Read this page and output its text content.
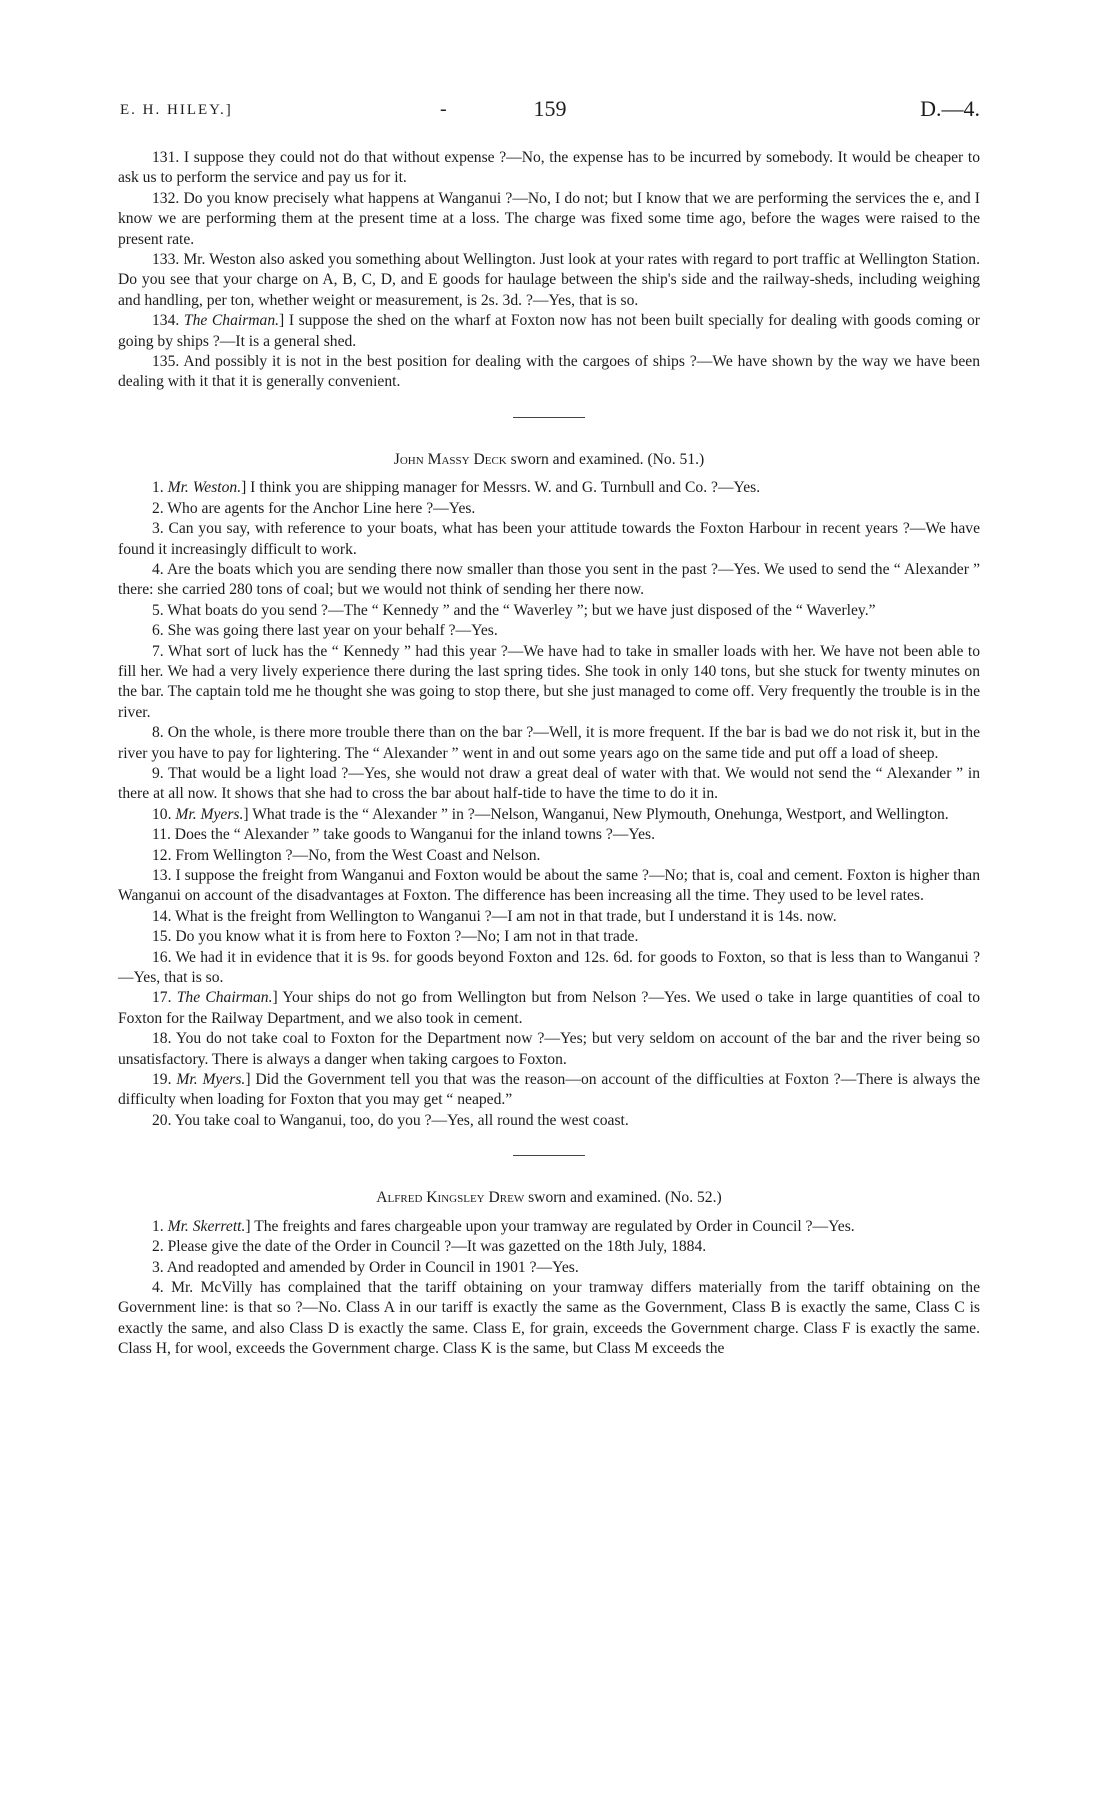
E. H. HILEY.]	-	159	D.—4.

131. I suppose they could not do that without expense ?—No, the expense has to be incurred by somebody. It would be cheaper to ask us to perform the service and pay us for it.

132. Do you know precisely what happens at Wanganui ?—No, I do not; but I know that we are performing the services the e, and I know we are performing them at the present time at a loss. The charge was fixed some time ago, before the wages were raised to the present rate.

133. Mr. Weston also asked you something about Wellington. Just look at your rates with regard to port traffic at Wellington Station. Do you see that your charge on A, B, C, D, and E goods for haulage between the ship's side and the railway-sheds, including weighing and handling, per ton, whether weight or measurement, is 2s. 3d. ?—Yes, that is so.

134. The Chairman.] I suppose the shed on the wharf at Foxton now has not been built specially for dealing with goods coming or going by ships ?—It is a general shed.

135. And possibly it is not in the best position for dealing with the cargoes of ships ?—We have shown by the way we have been dealing with it that it is generally convenient.

John Massy Deck sworn and examined. (No. 51.)

1. Mr. Weston.] I think you are shipping manager for Messrs. W. and G. Turnbull and Co. ?—Yes.

2. Who are agents for the Anchor Line here ?—Yes.

3. Can you say, with reference to your boats, what has been your attitude towards the Foxton Harbour in recent years ?—We have found it increasingly difficult to work.

4. Are the boats which you are sending there now smaller than those you sent in the past ?—Yes. We used to send the “ Alexander ” there: she carried 280 tons of coal; but we would not think of sending her there now.

5. What boats do you send ?—The “ Kennedy ” and the “ Waverley ”; but we have just disposed of the “ Waverley.”

6. She was going there last year on your behalf ?—Yes.

7. What sort of luck has the “ Kennedy ” had this year ?—We have had to take in smaller loads with her. We have not been able to fill her. We had a very lively experience there during the last spring tides. She took in only 140 tons, but she stuck for twenty minutes on the bar. The captain told me he thought she was going to stop there, but she just managed to come off. Very frequently the trouble is in the river.

8. On the whole, is there more trouble there than on the bar ?—Well, it is more frequent. If the bar is bad we do not risk it, but in the river you have to pay for lightering. The “ Alexander ” went in and out some years ago on the same tide and put off a load of sheep.

9. That would be a light load ?—Yes, she would not draw a great deal of water with that. We would not send the “ Alexander ” in there at all now. It shows that she had to cross the bar about half-tide to have the time to do it in.

10. Mr. Myers.] What trade is the “ Alexander ” in ?—Nelson, Wanganui, New Plymouth, Onehunga, Westport, and Wellington.

11. Does the “ Alexander ” take goods to Wanganui for the inland towns ?—Yes.

12. From Wellington ?—No, from the West Coast and Nelson.

13. I suppose the freight from Wanganui and Foxton would be about the same ?—No; that is, coal and cement. Foxton is higher than Wanganui on account of the disadvantages at Foxton. The difference has been increasing all the time. They used to be level rates.

14. What is the freight from Wellington to Wanganui ?—I am not in that trade, but I understand it is 14s. now.

15. Do you know what it is from here to Foxton ?—No; I am not in that trade.

16. We had it in evidence that it is 9s. for goods beyond Foxton and 12s. 6d. for goods to Foxton, so that is less than to Wanganui ?—Yes, that is so.

17. The Chairman.] Your ships do not go from Wellington but from Nelson ?—Yes. We used o take in large quantities of coal to Foxton for the Railway Department, and we also took in cement.

18. You do not take coal to Foxton for the Department now ?—Yes; but very seldom on account of the bar and the river being so unsatisfactory. There is always a danger when taking cargoes to Foxton.

19. Mr. Myers.] Did the Government tell you that was the reason—on account of the difficulties at Foxton ?—There is always the difficulty when loading for Foxton that you may get “ neaped.”

20. You take coal to Wanganui, too, do you ?—Yes, all round the west coast.

Alfred Kingsley Drew sworn and examined. (No. 52.)

1. Mr. Skerrett.] The freights and fares chargeable upon your tramway are regulated by Order in Council ?—Yes.

2. Please give the date of the Order in Council ?—It was gazetted on the 18th July, 1884.

3. And readopted and amended by Order in Council in 1901 ?—Yes.

4. Mr. McVilly has complained that the tariff obtaining on your tramway differs materially from the tariff obtaining on the Government line: is that so ?—No. Class A in our tariff is exactly the same as the Government, Class B is exactly the same, Class C is exactly the same, and also Class D is exactly the same. Class E, for grain, exceeds the Government charge. Class F is exactly the same. Class H, for wool, exceeds the Government charge. Class K is the same, but Class M exceeds the
